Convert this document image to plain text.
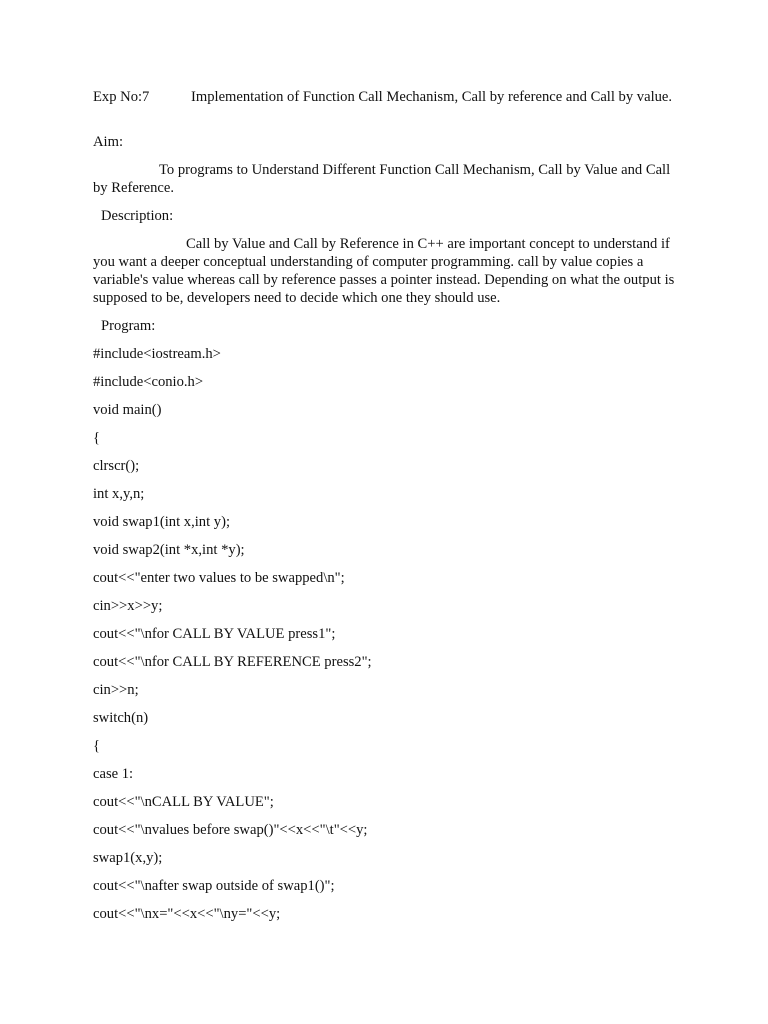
Exp No:7	Implementation of Function Call Mechanism, Call by reference and Call by value.
Aim:
To programs to Understand Different Function Call Mechanism, Call by Value and Call by Reference.
Description:
Call by Value and Call by Reference in C++ are important concept to understand if you want a deeper conceptual understanding of computer programming. call by value copies a variable's value whereas call by reference passes a pointer instead. Depending on what the output is supposed to be, developers need to decide which one they should use.
Program:
#include<iostream.h>
#include<conio.h>
void main()
{
clrscr();
int x,y,n;
void swap1(int x,int y);
void swap2(int *x,int *y);
cout<<"enter two values to be swapped\n";
cin>>x>>y;
cout<<"\nfor CALL BY VALUE press1";
cout<<"\nfor CALL BY REFERENCE press2";
cin>>n;
switch(n)
{
case 1:
cout<<"\nCALL BY VALUE";
cout<<"\nvalues before swap()"<<x<<"\t"<<y;
swap1(x,y);
cout<<"\nafter swap outside of swap1()";
cout<<"\nx="<<x<<"\ny="<<y;
